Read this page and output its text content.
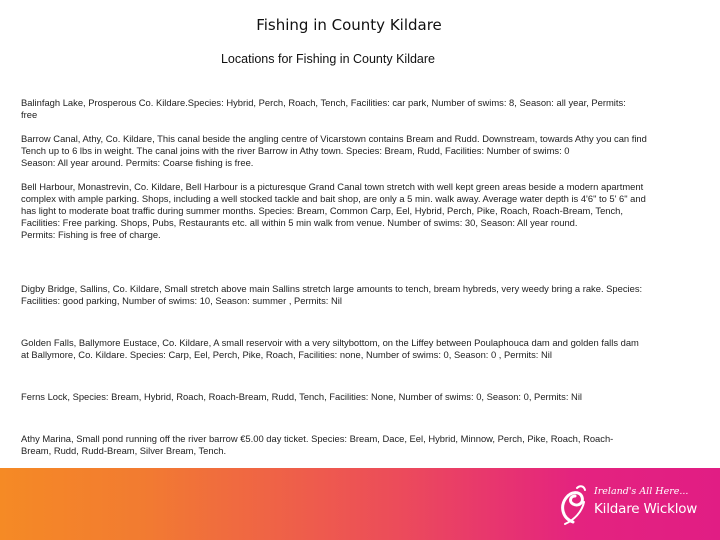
Fishing in County Kildare
Locations for Fishing in County Kildare

Balinfagh Lake, Prosperous Co. Kildare.Species: Hybrid, Perch, Roach, Tench, Facilities: car park, Number of swims: 8, Season: all year, Permits:

free

Barrow Canal, Athy, Co. Kildare, This canal beside the angling centre of Vicarstown contains Bream and Rudd. Downstream, towards Athy you can find

Tench up to 6 lbs in weight. The canal joins with the river Barrow in Athy town. Species: Bream, Rudd, Facilities: Number of swims: 0

Season: All year around. Permits: Coarse fishing is free.

Bell Harbour, Monastrevin, Co. Kildare, Bell Harbour is a picturesque Grand Canal town stretch with well kept green areas beside a modern apartment

complex with ample parking. Shops, including a well stocked tackle and bait shop, are only a 5 min. walk away. Average water depth is 4'6" to 5' 6" and

has light to moderate boat traffic during summer months. Species: Bream, Common Carp, Eel, Hybrid, Perch, Pike, Roach, Roach-Bream, Tench,

Facilities: Free parking. Shops, Pubs, Restaurants etc. all within 5 min walk from venue. Number of swims: 30, Season: All year round.

Permits: Fishing is free of charge.

Digby Bridge, Sallins, Co. Kildare, Small stretch above main Sallins stretch large amounts to tench, bream hybreds, very weedy bring a rake. Species:

Facilities: good parking, Number of swims: 10, Season: summer , Permits: Nil

Golden Falls, Ballymore Eustace, Co. Kildare, A small reservoir with a very siltybottom, on the Liffey between Poulaphouca dam and golden falls dam

at Ballymore, Co. Kildare. Species: Carp, Eel, Perch, Pike, Roach, Facilities: none, Number of swims: 0, Season: 0 , Permits: Nil

Ferns Lock, Species: Bream, Hybrid, Roach, Roach-Bream, Rudd, Tench, Facilities: None, Number of swims: 0, Season: 0, Permits: Nil

Athy Marina, Small pond running off the river barrow €5.00 day ticket. Species: Bream, Dace, Eel, Hybrid, Minnow, Perch, Pike, Roach, Roach-

Bream, Rudd, Rudd-Bream, Silver Bream, Tench.

Ireland's All Here...
Kildare Wicklow
